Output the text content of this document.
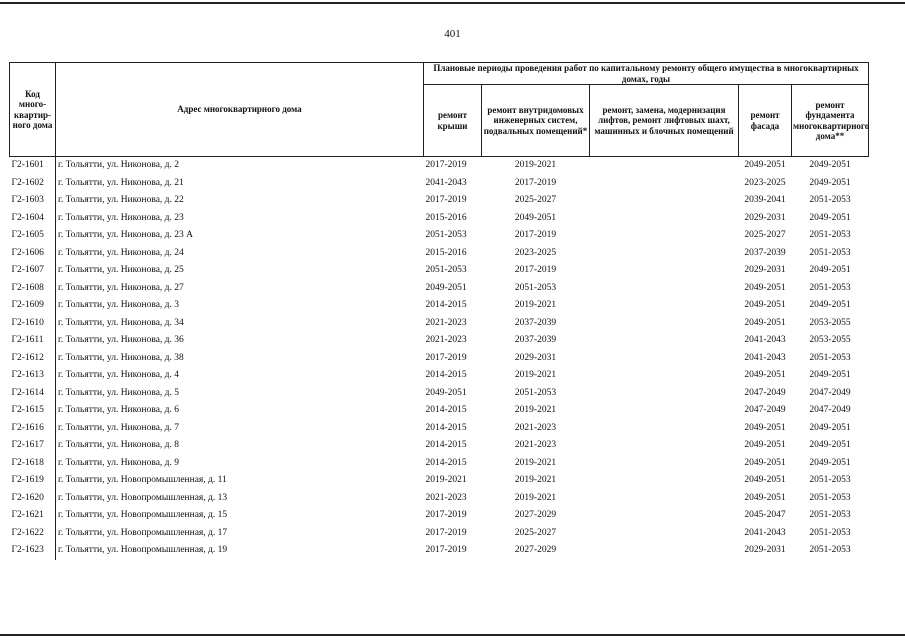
401
Код много-квартир-ного дома	Адрес многоквартирного дома	Плановые периоды проведения работ по капитальному ремонту общего имущества в многоквартирных домах, годы				
		ремонт крыши	ремонт внутридомовых инженерных систем, подвальных помещений*	ремонт, замена, модернизация лифтов, ремонт лифтовых шахт, машинных и блочных помещений	ремонт фасада	ремонт фундамента многоквартирного дома**
Г2-1601	г. Тольятти, ул. Никонова, д. 2	2017-2019	2019-2021		2049-2051	2049-2051
Г2-1602	г. Тольятти, ул. Никонова, д. 21	2041-2043	2017-2019		2023-2025	2049-2051
Г2-1603	г. Тольятти, ул. Никонова, д. 22	2017-2019	2025-2027		2039-2041	2051-2053
Г2-1604	г. Тольятти, ул. Никонова, д. 23	2015-2016	2049-2051		2029-2031	2049-2051
Г2-1605	г. Тольятти, ул. Никонова, д. 23 А	2051-2053	2017-2019		2025-2027	2051-2053
Г2-1606	г. Тольятти, ул. Никонова, д. 24	2015-2016	2023-2025		2037-2039	2051-2053
Г2-1607	г. Тольятти, ул. Никонова, д. 25	2051-2053	2017-2019		2029-2031	2049-2051
Г2-1608	г. Тольятти, ул. Никонова, д. 27	2049-2051	2051-2053		2049-2051	2051-2053
Г2-1609	г. Тольятти, ул. Никонова, д. 3	2014-2015	2019-2021		2049-2051	2049-2051
Г2-1610	г. Тольятти, ул. Никонова, д. 34	2021-2023	2037-2039		2049-2051	2053-2055
Г2-1611	г. Тольятти, ул. Никонова, д. 36	2021-2023	2037-2039		2041-2043	2053-2055
Г2-1612	г. Тольятти, ул. Никонова, д. 38	2017-2019	2029-2031		2041-2043	2051-2053
Г2-1613	г. Тольятти, ул. Никонова, д. 4	2014-2015	2019-2021		2049-2051	2049-2051
Г2-1614	г. Тольятти, ул. Никонова, д. 5	2049-2051	2051-2053		2047-2049	2047-2049
Г2-1615	г. Тольятти, ул. Никонова, д. 6	2014-2015	2019-2021		2047-2049	2047-2049
Г2-1616	г. Тольятти, ул. Никонова, д. 7	2014-2015	2021-2023		2049-2051	2049-2051
Г2-1617	г. Тольятти, ул. Никонова, д. 8	2014-2015	2021-2023		2049-2051	2049-2051
Г2-1618	г. Тольятти, ул. Никонова, д. 9	2014-2015	2019-2021		2049-2051	2049-2051
Г2-1619	г. Тольятти, ул. Новопромышленная, д. 11	2019-2021	2019-2021		2049-2051	2051-2053
Г2-1620	г. Тольятти, ул. Новопромышленная, д. 13	2021-2023	2019-2021		2049-2051	2051-2053
Г2-1621	г. Тольятти, ул. Новопромышленная, д. 15	2017-2019	2027-2029		2045-2047	2051-2053
Г2-1622	г. Тольятти, ул. Новопромышленная, д. 17	2017-2019	2025-2027		2041-2043	2051-2053
Г2-1623	г. Тольятти, ул. Новопромышленная, д. 19	2017-2019	2027-2029		2029-2031	2051-2053
